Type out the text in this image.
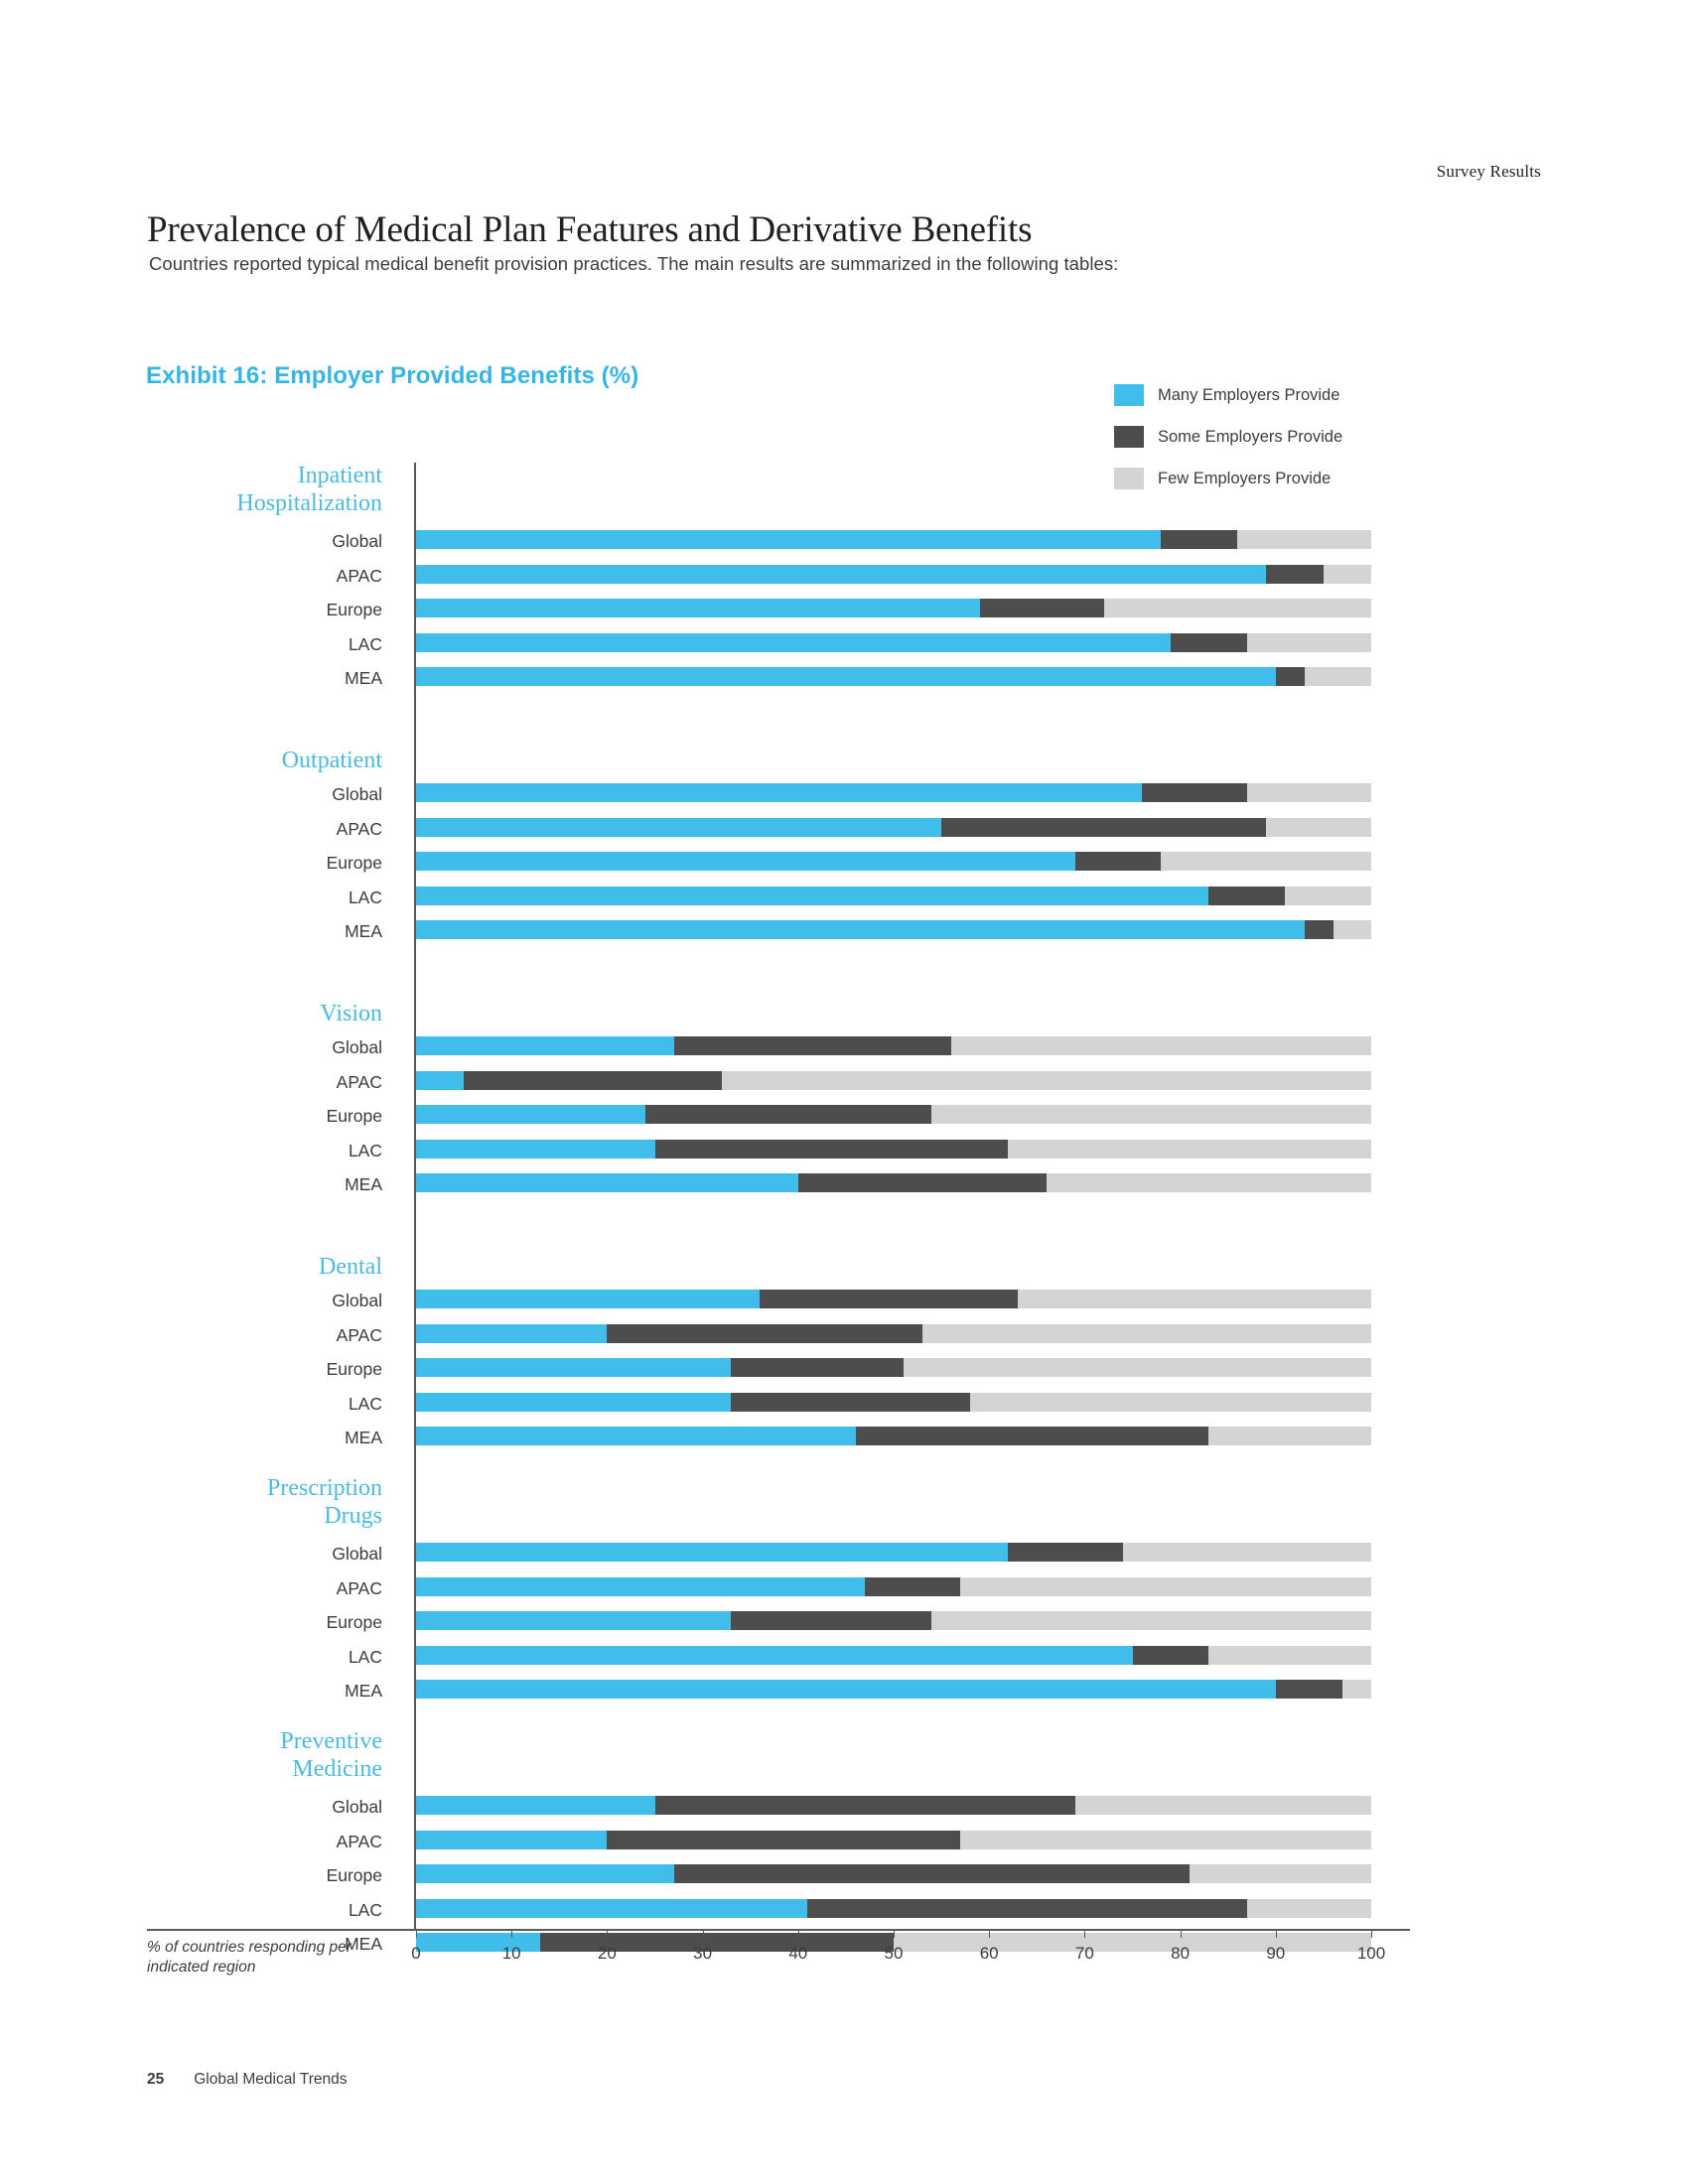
Survey Results
Prevalence of Medical Plan Features and Derivative Benefits
Countries reported typical medical benefit provision practices. The main results are summarized in the following tables:
Exhibit 16: Employer Provided Benefits (%)
Many Employers Provide
Some Employers Provide
Few Employers Provide
Inpatient
Hospitalization
Global
APAC
Europe
LAC
MEA
Outpatient
Global
APAC
Europe
LAC
MEA
Vision
Global
APAC
Europe
LAC
MEA
Dental
Global
APAC
Europe
LAC
MEA
Prescription
Drugs
Global
APAC
Europe
LAC
MEA
Preventive
Medicine
Global
APAC
Europe
LAC
MEA	0	10	20	30	40	50	60	70	80	90	100
% of countries responding per indicated region
25 Global Medical Trends
